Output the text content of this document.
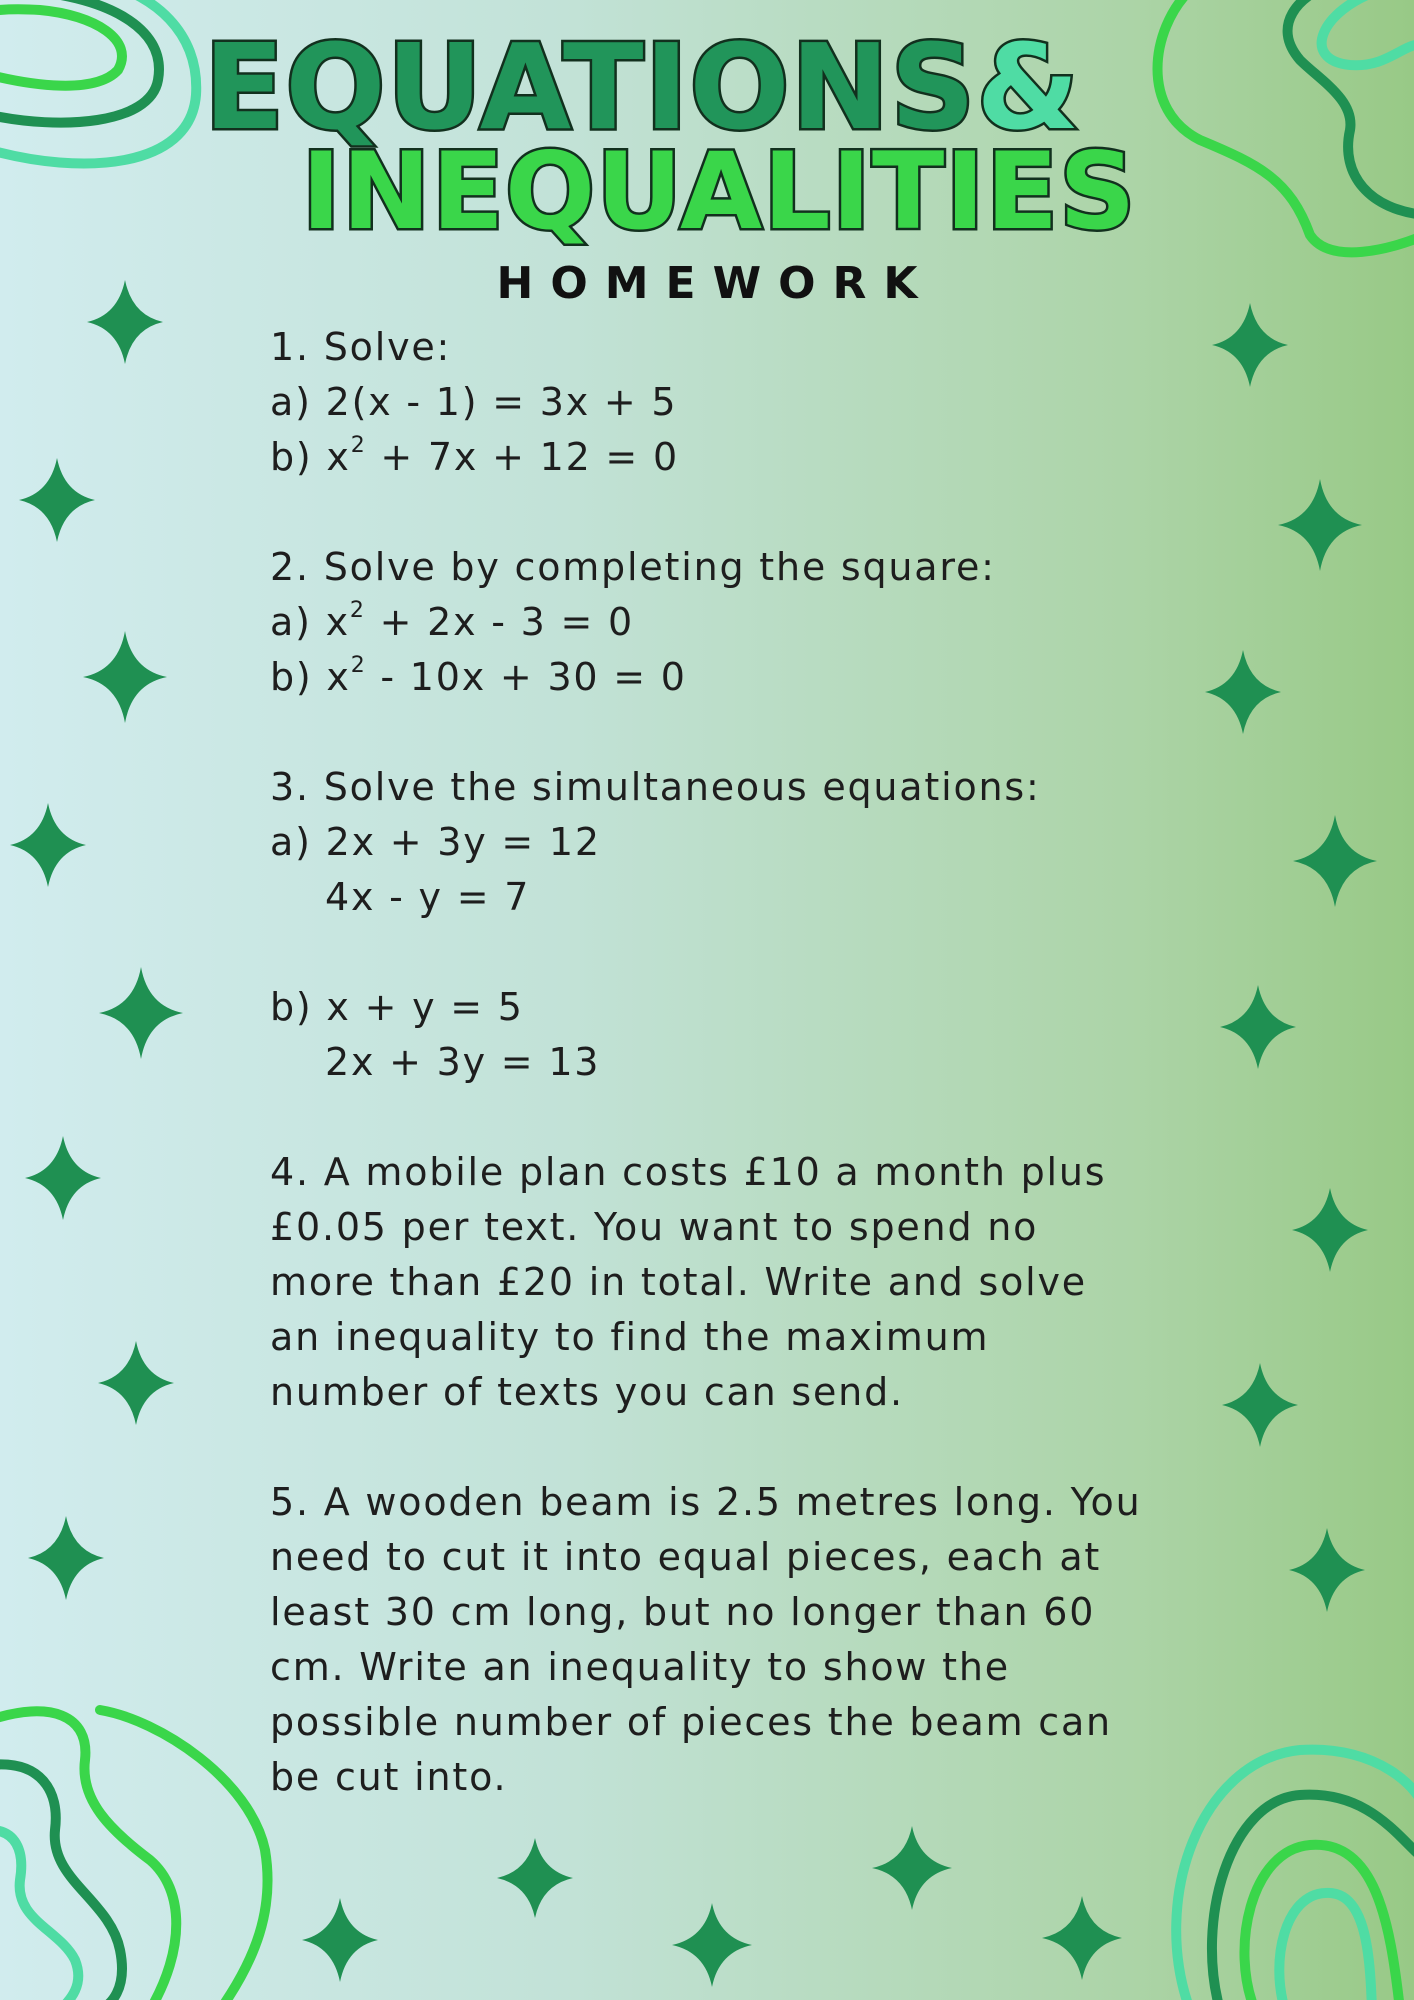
EQUATIONS&
INEQUALITIES
HOMEWORK
1. Solve:
a) 2(x - 1) = 3x + 5
b) $x^2 + 7x + 12 = 0$
2. Solve by completing the square:
a) $x^2 + 2x - 3 = 0$
b) $x^2 - 10x + 30 = 0$
3. Solve the simultaneous equations:
a) 2x + 3y = 12
4x - y = 7
b) x + y = 5
2x + 3y = 13
4. A mobile plan costs £10 a month plus £0.05 per text. You want to spend no more than £20 in total. Write and solve an inequality to find the maximum number of texts you can send.
5. A wooden beam is 2.5 metres long. You need to cut it into equal pieces, each at least 30 cm long, but no longer than 60 cm. Write an inequality to show the possible number of pieces the beam can be cut into.
